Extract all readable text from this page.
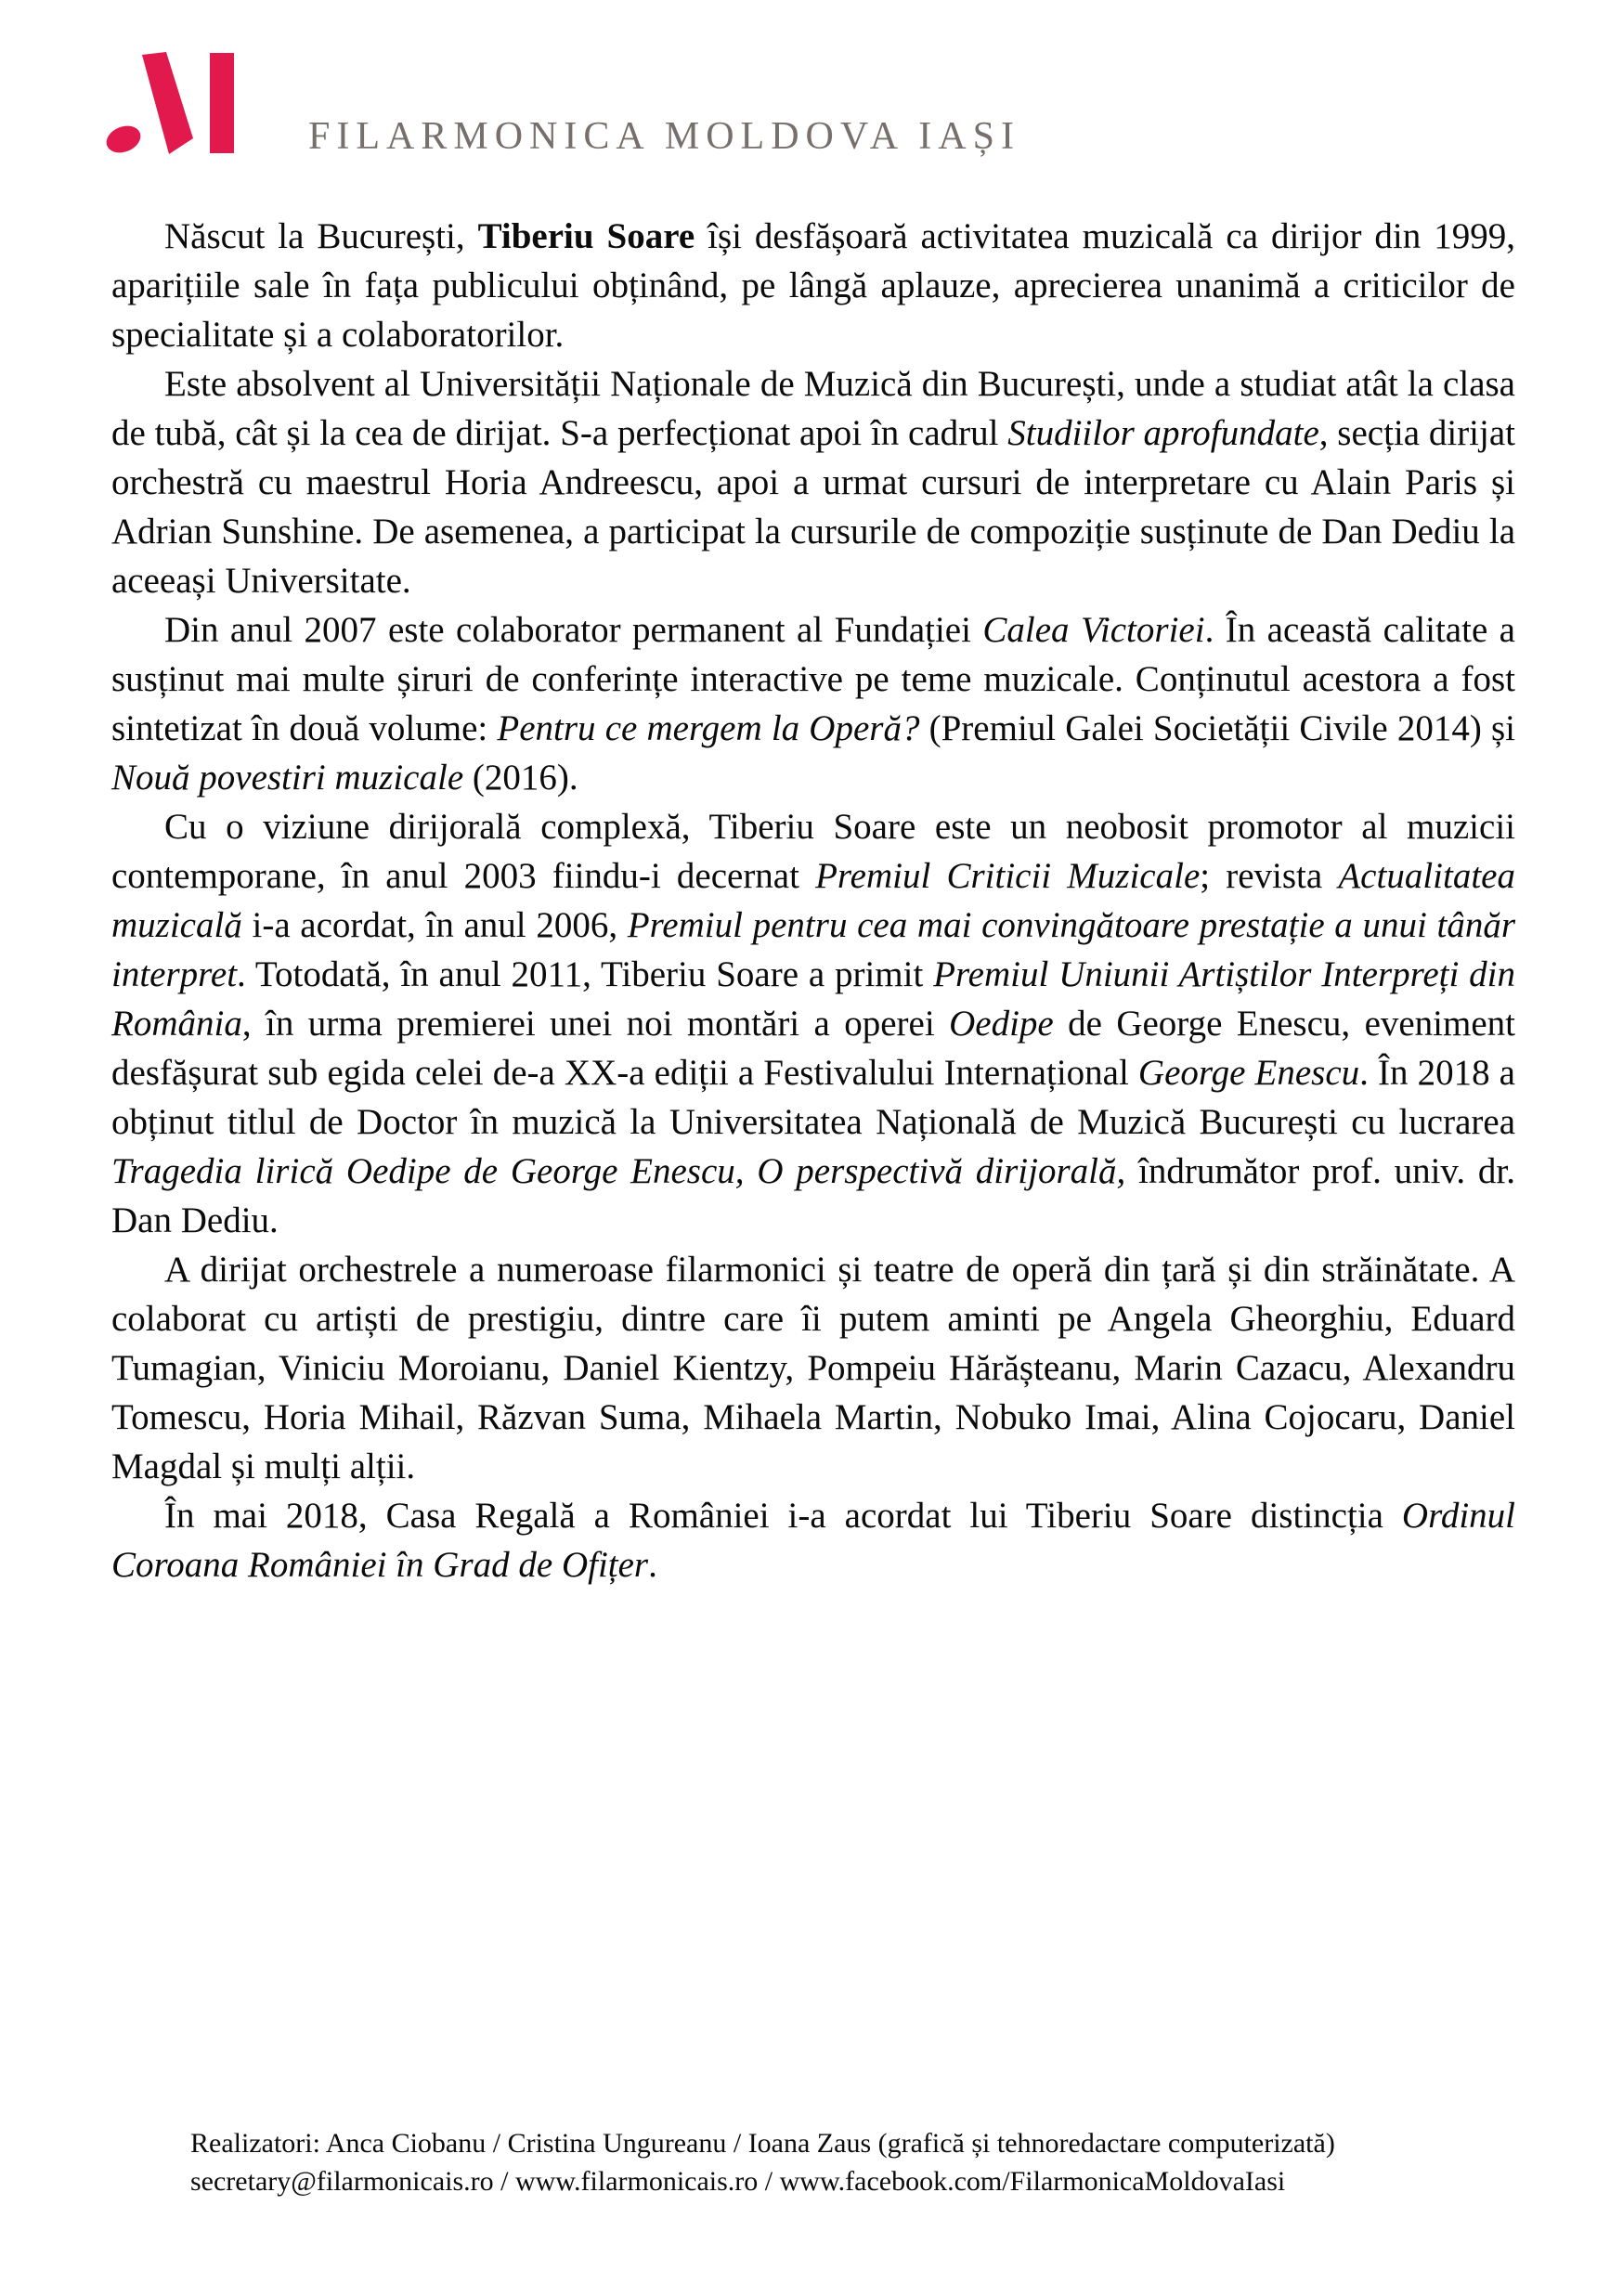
FILARMONICA MOLDOVA IAȘI

Născut la București, Tiberiu Soare își desfășoară activitatea muzicală ca dirijor din 1999, aparițiile sale în fața publicului obținând, pe lângă aplauze, aprecierea unanimă a criticilor de specialitate și a colaboratorilor.

Este absolvent al Universității Naționale de Muzică din București, unde a studiat atât la clasa de tubă, cât și la cea de dirijat. S-a perfecționat apoi în cadrul Studiilor aprofundate, secția dirijat orchestră cu maestrul Horia Andreescu, apoi a urmat cursuri de interpretare cu Alain Paris și Adrian Sunshine. De asemenea, a participat la cursurile de compoziție susținute de Dan Dediu la aceeași Universitate.

Din anul 2007 este colaborator permanent al Fundației Calea Victoriei. În această calitate a susținut mai multe șiruri de conferințe interactive pe teme muzicale. Conținutul acestora a fost sintetizat în două volume: Pentru ce mergem la Operă? (Premiul Galei Societății Civile 2014) și Nouă povestiri muzicale (2016).

Cu o viziune dirijorală complexă, Tiberiu Soare este un neobosit promotor al muzicii contemporane, în anul 2003 fiindu-i decernat Premiul Criticii Muzicale; revista Actualitatea muzicală i-a acordat, în anul 2006, Premiul pentru cea mai convingătoare prestație a unui tânăr interpret. Totodată, în anul 2011, Tiberiu Soare a primit Premiul Uniunii Artiștilor Interpreți din România, în urma premierei unei noi montări a operei Oedipe de George Enescu, eveniment desfășurat sub egida celei de-a XX-a ediții a Festivalului Internațional George Enescu. În 2018 a obținut titlul de Doctor în muzică la Universitatea Națională de Muzică București cu lucrarea Tragedia lirică Oedipe de George Enescu, O perspectivă dirijorală, îndrumător prof. univ. dr. Dan Dediu.

A dirijat orchestrele a numeroase filarmonici și teatre de operă din țară și din străinătate. A colaborat cu artiști de prestigiu, dintre care îi putem aminti pe Angela Gheorghiu, Eduard Tumagian, Viniciu Moroianu, Daniel Kientzy, Pompeiu Hărășteanu, Marin Cazacu, Alexandru Tomescu, Horia Mihail, Răzvan Suma, Mihaela Martin, Nobuko Imai, Alina Cojocaru, Daniel Magdal și mulți alții.

În mai 2018, Casa Regală a României i-a acordat lui Tiberiu Soare distincția Ordinul Coroana României în Grad de Ofițer.

Realizatori: Anca Ciobanu / Cristina Ungureanu / Ioana Zaus (grafică și tehnoredactare computerizată)
secretary@filarmonicais.ro / www.filarmonicais.ro / www.facebook.com/FilarmonicaMoldovaIasi
